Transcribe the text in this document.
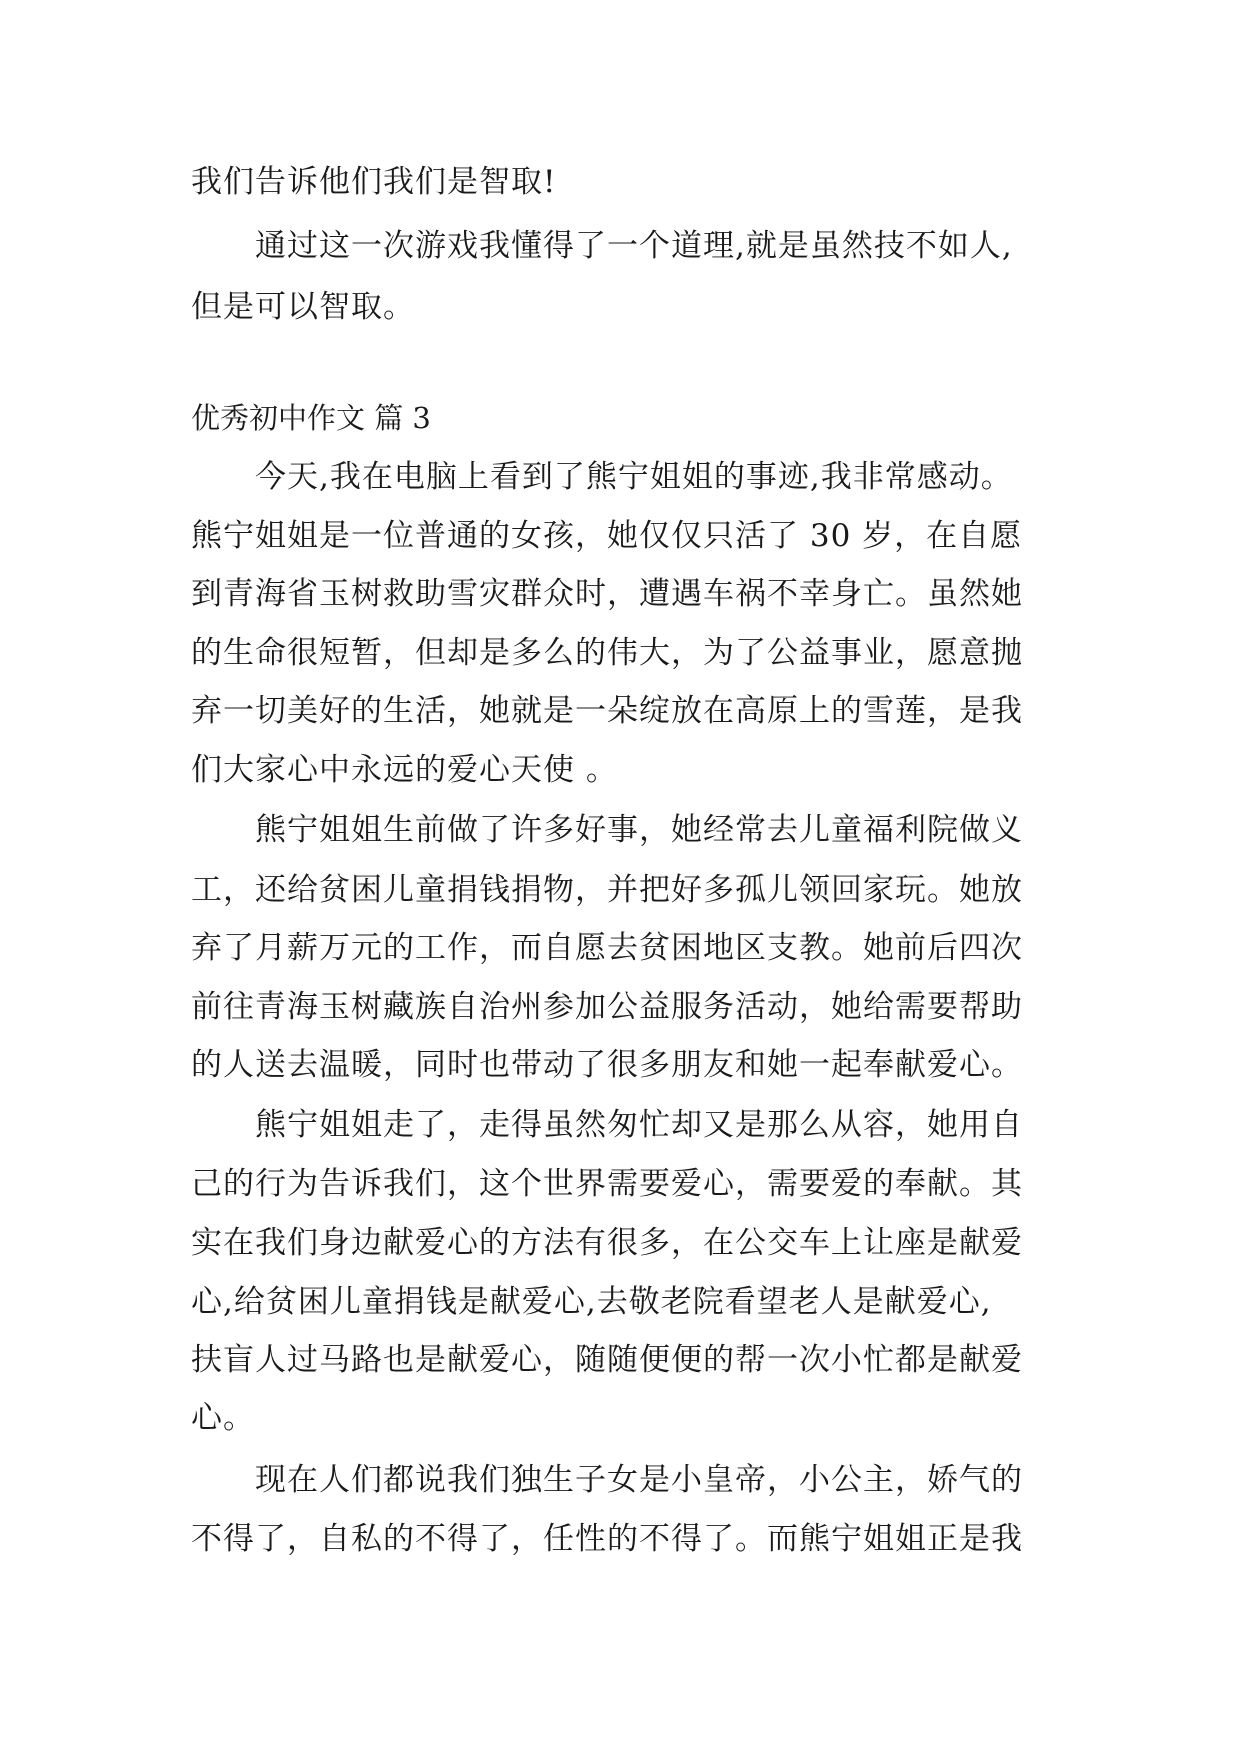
我们告诉他们我们是智取!
通过这一次游戏我懂得了一个道理,就是虽然技不如人,
但是可以智取。
优秀初中作文 篇 3
今天,我在电脑上看到了熊宁姐姐的事迹,我非常感动。
熊宁姐姐是一位普通的女孩，她仅仅只活了 30 岁，在自愿
到青海省玉树救助雪灾群众时，遭遇车祸不幸身亡。虽然她
的生命很短暂，但却是多么的伟大，为了公益事业，愿意抛
弃一切美好的生活，她就是一朵绽放在高原上的雪莲，是我
们大家心中永远的爱心天使 。
熊宁姐姐生前做了许多好事，她经常去儿童福利院做义
工，还给贫困儿童捐钱捐物，并把好多孤儿领回家玩。她放
弃了月薪万元的工作，而自愿去贫困地区支教。她前后四次
前往青海玉树藏族自治州参加公益服务活动，她给需要帮助
的人送去温暖，同时也带动了很多朋友和她一起奉献爱心。
熊宁姐姐走了，走得虽然匆忙却又是那么从容，她用自
己的行为告诉我们，这个世界需要爱心，需要爱的奉献。其
实在我们身边献爱心的方法有很多，在公交车上让座是献爱
心,给贫困儿童捐钱是献爱心,去敬老院看望老人是献爱心,
扶盲人过马路也是献爱心，随随便便的帮一次小忙都是献爱
心。
现在人们都说我们独生子女是小皇帝，小公主，娇气的
不得了，自私的不得了，任性的不得了。而熊宁姐姐正是我
